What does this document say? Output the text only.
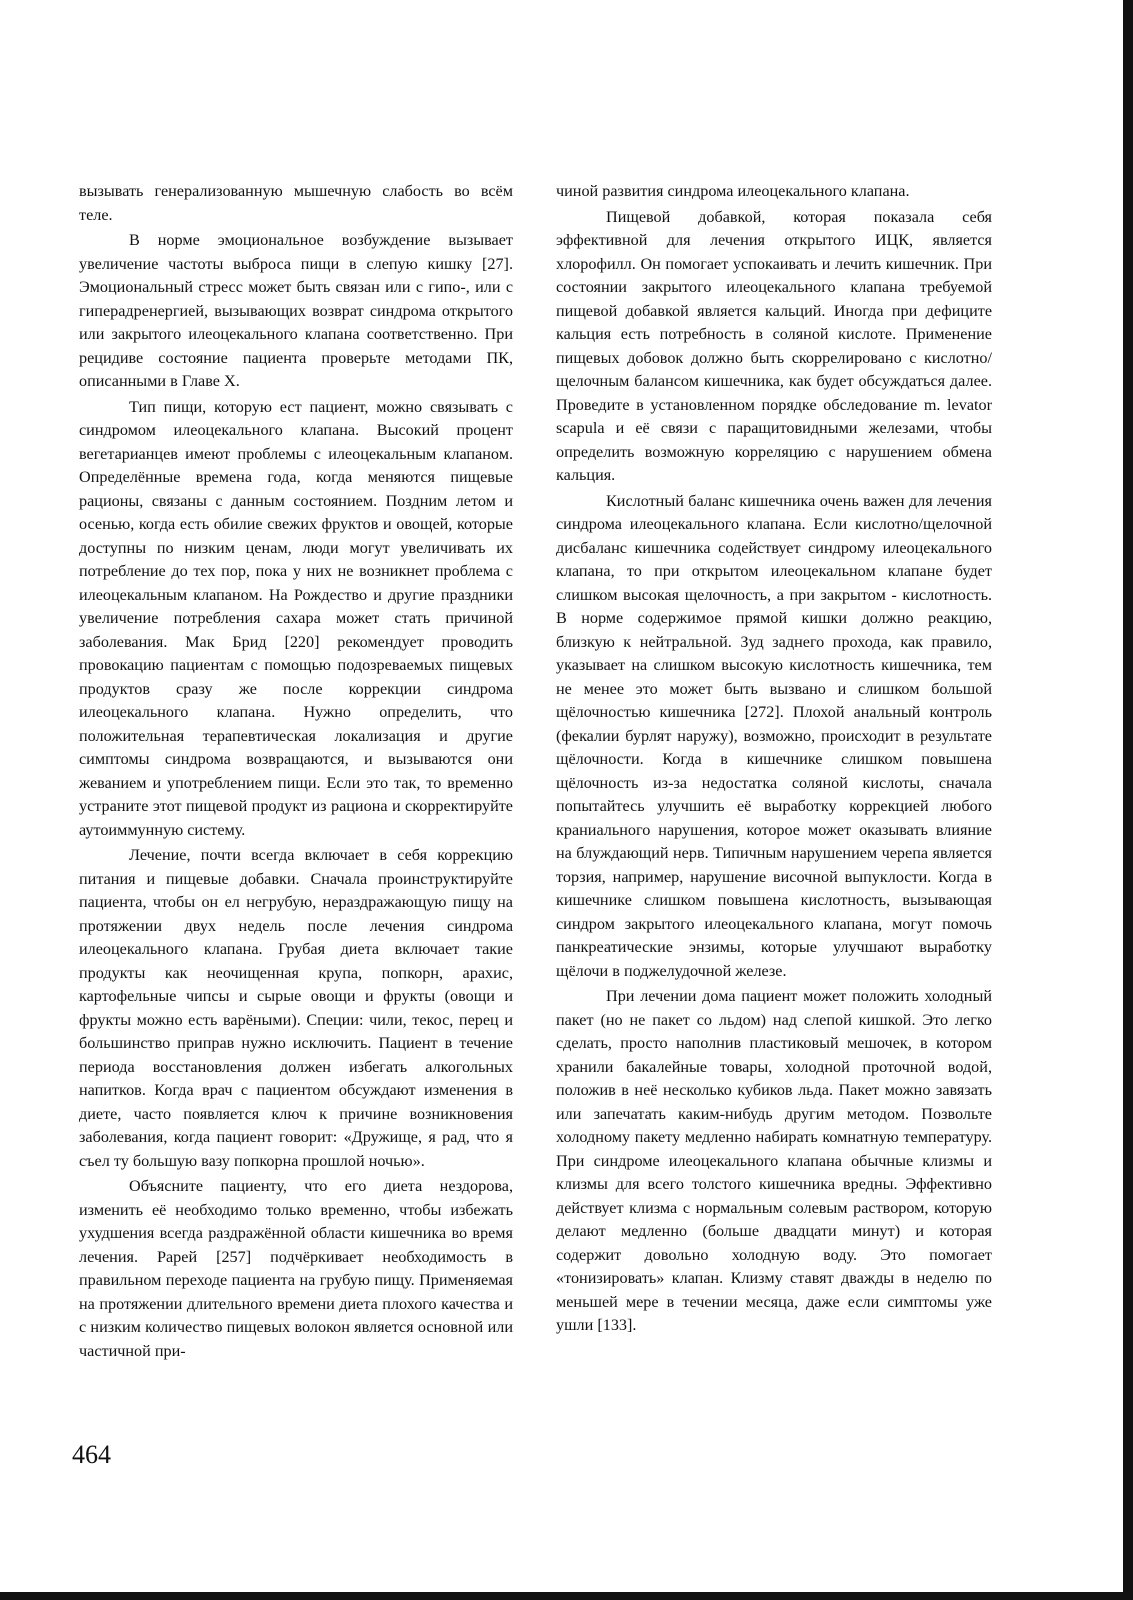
вызывать генерализованную мышечную слабость во всём теле.

В норме эмоциональное возбуждение вызывает увеличение частоты выброса пищи в слепую кишку [27]. Эмоциональный стресс может быть связан или с гипо-, или с гиперадренергией, вызывающих возврат синдрома открытого или закрытого илеоцекального клапана соответственно. При рецидиве состояние пациента проверьте методами ПК, описанными в Главе X.

Тип пищи, которую ест пациент, можно связывать с синдромом илеоцекального клапана. Высокий процент вегетарианцев имеют проблемы с илеоцекальным клапаном. Определённые времена года, когда меняются пищевые рационы, связаны с данным состоянием. Поздним летом и осенью, когда есть обилие свежих фруктов и овощей, которые доступны по низким ценам, люди могут увеличивать их потребление до тех пор, пока у них не возникнет проблема с илеоцекальным клапаном. На Рождество и другие праздники увеличение потребления сахара может стать причиной заболевания. Мак Брид [220] рекомендует проводить провокацию пациентам с помощью подозреваемых пищевых продуктов сразу же после коррекции синдрома илеоцекального клапана. Нужно определить, что положительная терапевтическая локализация и другие симптомы синдрома возвращаются, и вызываются они жеванием и употреблением пищи. Если это так, то временно устраните этот пищевой продукт из рациона и скорректируйте аутоиммунную систему.

Лечение, почти всегда включает в себя коррекцию питания и пищевые добавки. Сначала проинструктируйте пациента, чтобы он ел негрубую, нераздражающую пищу на протяжении двух недель после лечения синдрома илеоцекального клапана. Грубая диета включает такие продукты как неочищенная крупа, попкорн, арахис, картофельные чипсы и сырые овощи и фрукты (овощи и фрукты можно есть варёными). Специи: чили, текос, перец и большинство приправ нужно исключить. Пациент в течение периода восстановления должен избегать алкогольных напитков. Когда врач с пациентом обсуждают изменения в диете, часто появляется ключ к причине возникновения заболевания, когда пациент говорит: «Дружище, я рад, что я съел ту большую вазу попкорна прошлой ночью».

Объясните пациенту, что его диета нездорова, изменить её необходимо только временно, чтобы избежать ухудшения всегда раздражённой области кишечника во время лечения. Рарей [257] подчёркивает необходимость в правильном переходе пациента на грубую пищу. Применяемая на протяжении длительного времени диета плохого качества и с низким количество пищевых волокон является основной или частичной при-

чиной развития синдрома илеоцекального клапана.

Пищевой добавкой, которая показала себя эффективной для лечения открытого ИЦК, является хлорофилл. Он помогает успокаивать и лечить кишечник. При состоянии закрытого илеоцекального клапана требуемой пищевой добавкой является кальций. Иногда при дефиците кальция есть потребность в соляной кислоте. Применение пищевых добовок должно быть скоррелировано с кислотно/щелочным балансом кишечника, как будет обсуждаться далее. Проведите в установленном порядке обследование m. levator scapula и её связи с паращитовидными железами, чтобы определить возможную корреляцию с нарушением обмена кальция.

Кислотный баланс кишечника очень важен для лечения синдрома илеоцекального клапана. Если кислотно/щелочной дисбаланс кишечника содействует синдрому илеоцекального клапана, то при открытом илеоцекальном клапане будет слишком высокая щелочность, а при закрытом - кислотность. В норме содержимое прямой кишки должно реакцию, близкую к нейтральной. Зуд заднего прохода, как правило, указывает на слишком высокую кислотность кишечника, тем не менее это может быть вызвано и слишком большой щёлочностью кишечника [272]. Плохой анальный контроль (фекалии бурлят наружу), возможно, происходит в результате щёлочности. Когда в кишечнике слишком повышена щёлочность из-за недостатка соляной кислоты, сначала попытайтесь улучшить её выработку коррекцией любого краниального нарушения, которое может оказывать влияние на блуждающий нерв. Типичным нарушением черепа является торзия, например, нарушение височной выпуклости. Когда в кишечнике слишком повышена кислотность, вызывающая синдром закрытого илеоцекального клапана, могут помочь панкреатические энзимы, которые улучшают выработку щёлочи в поджелудочной железе.

При лечении дома пациент может положить холодный пакет (но не пакет со льдом) над слепой кишкой. Это легко сделать, просто наполнив пластиковый мешочек, в котором хранили бакалейные товары, холодной проточной водой, положив в неё несколько кубиков льда. Пакет можно завязать или запечатать каким-нибудь другим методом. Позвольте холодному пакету медленно набирать комнатную температуру. При синдроме илеоцекального клапана обычные клизмы и клизмы для всего толстого кишечника вредны. Эффективно действует клизма с нормальным солевым раствором, которую делают медленно (больше двадцати минут) и которая содержит довольно холодную воду. Это помогает «тонизировать» клапан. Клизму ставят дважды в неделю по меньшей мере в течении месяца, даже если симптомы уже ушли [133].

464
